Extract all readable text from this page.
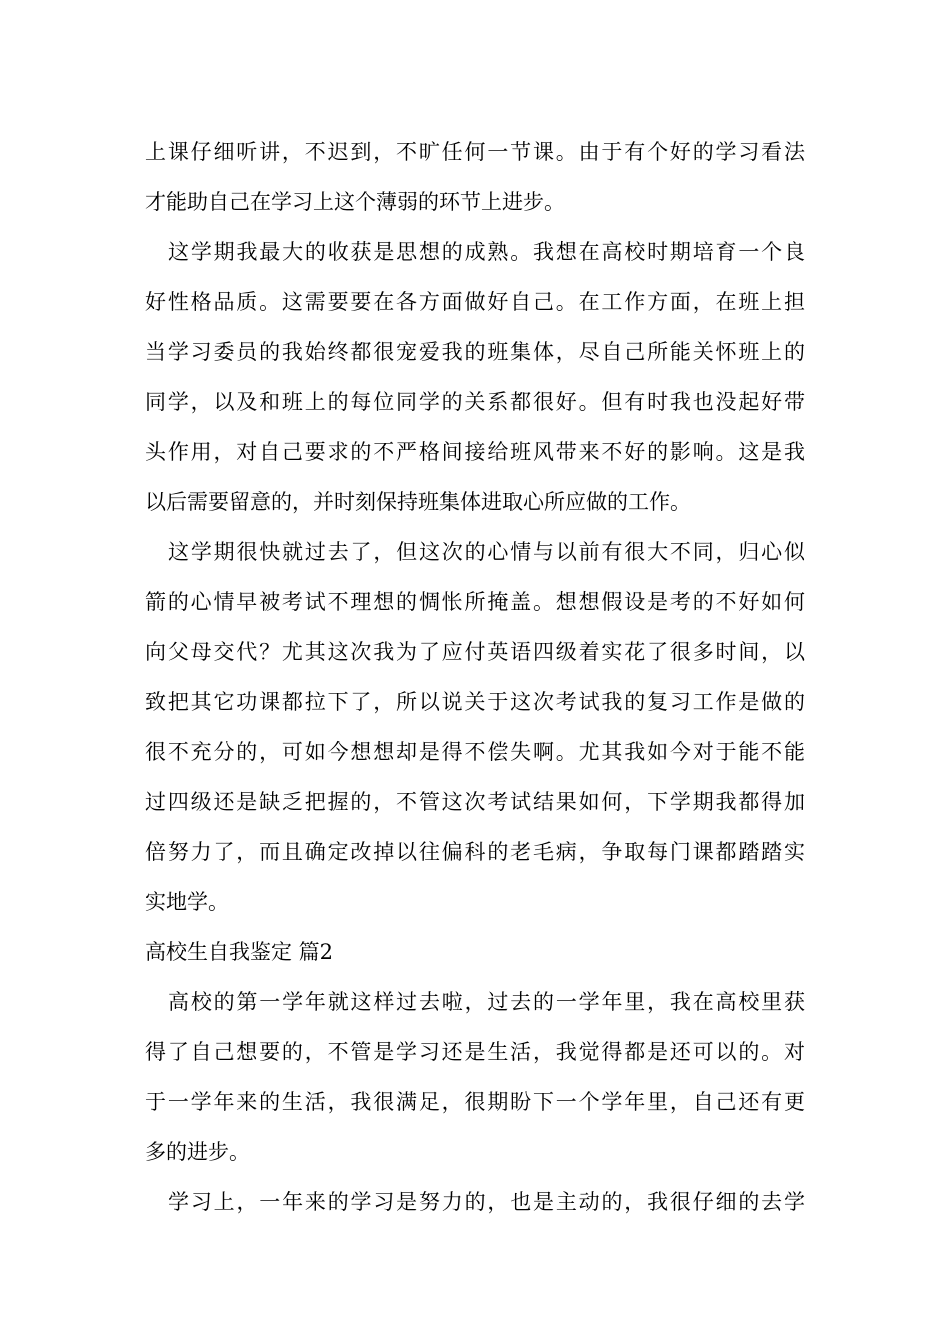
上课仔细听讲，不迟到，不旷任何一节课。由于有个好的学习看法
才能助自己在学习上这个薄弱的环节上进步。

这学期我最大的收获是思想的成熟。我想在高校时期培育一个良
好性格品质。这需要要在各方面做好自己。在工作方面，在班上担
当学习委员的我始终都很宠爱我的班集体，尽自己所能关怀班上的
同学，以及和班上的每位同学的关系都很好。但有时我也没起好带
头作用，对自己要求的不严格间接给班风带来不好的影响。这是我
以后需要留意的，并时刻保持班集体进取心所应做的工作。

这学期很快就过去了，但这次的心情与以前有很大不同，归心似
箭的心情早被考试不理想的惆怅所掩盖。想想假设是考的不好如何
向父母交代？尤其这次我为了应付英语四级着实花了很多时间，以
致把其它功课都拉下了，所以说关于这次考试我的复习工作是做的
很不充分的，可如今想想却是得不偿失啊。尤其我如今对于能不能
过四级还是缺乏把握的，不管这次考试结果如何，下学期我都得加
倍努力了，而且确定改掉以往偏科的老毛病，争取每门课都踏踏实
实地学。

高校生自我鉴定 篇2

高校的第一学年就这样过去啦，过去的一学年里，我在高校里获
得了自己想要的，不管是学习还是生活，我觉得都是还可以的。对
于一学年来的生活，我很满足，很期盼下一个学年里，自己还有更
多的进步。

学习上，一年来的学习是努力的，也是主动的，我很仔细的去学
